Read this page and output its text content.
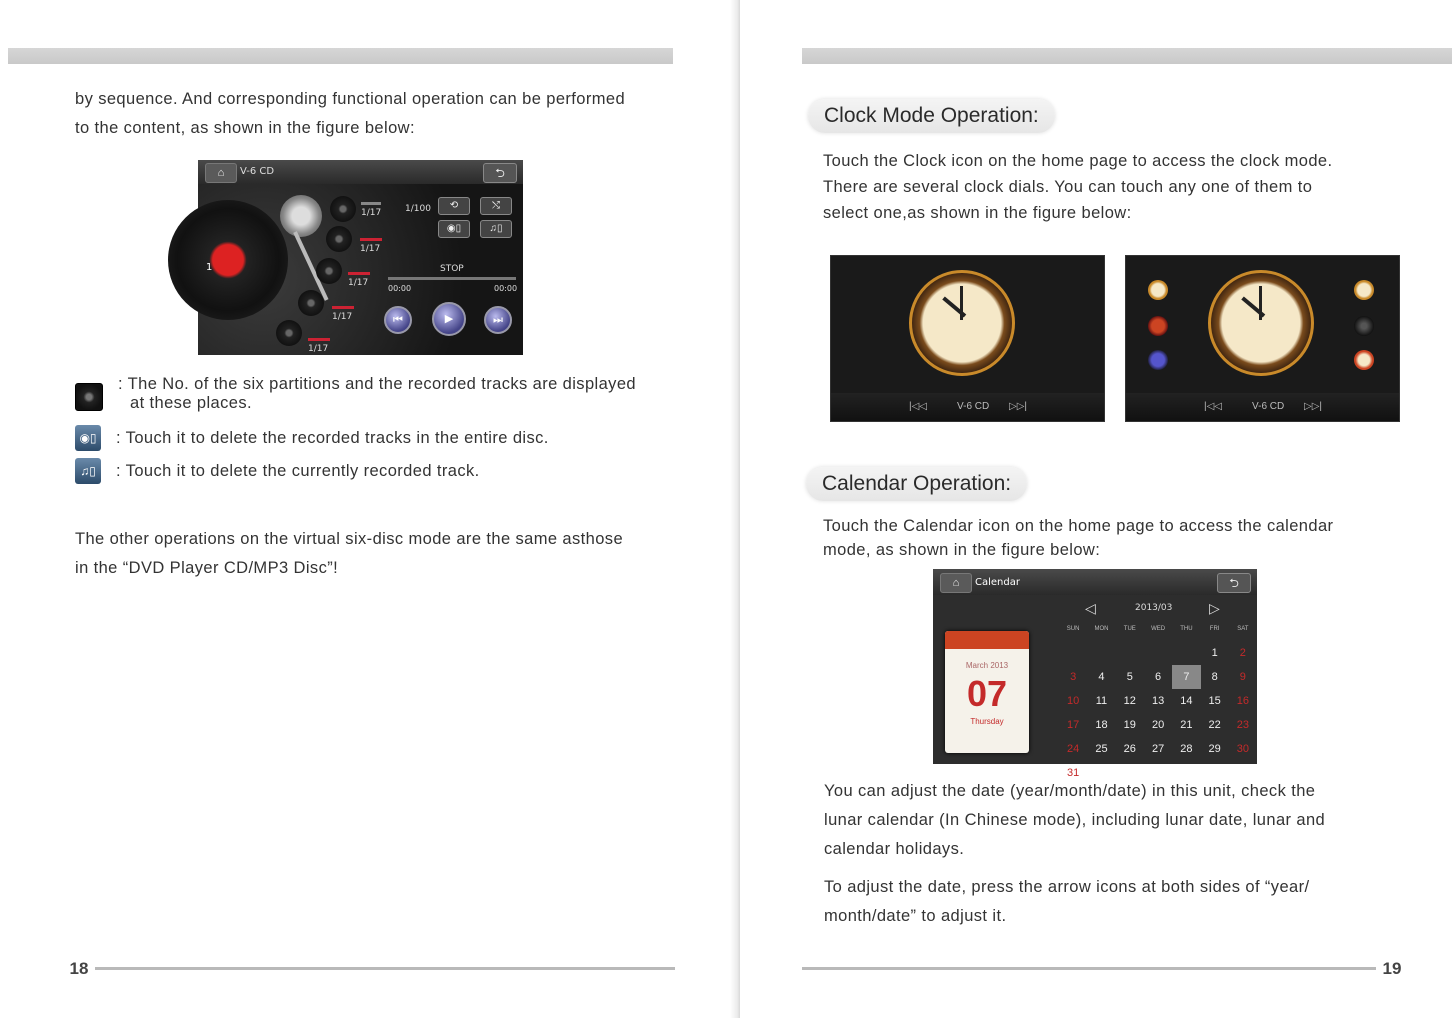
by sequence. And corresponding functional operation can be performed

to the content, as shown in the figure below:

⌂	V-6 CD	⮌
1
1/17
1/17
1/17
1/17
1/17
1/100	⟲	⤭
◉▯	♫▯
STOP
00:00	00:00
⏮	▶	⏭

: The No. of the six partitions and the recorded tracks are displayed

at these places.

◉▯ : Touch it to delete the recorded tracks in the entire disc.

♫▯	: Touch it to delete the currently recorded track.

The other operations on the virtual six-disc mode are the same asthose

in the “DVD Player CD/MP3 Disc”!

18
Clock Mode Operation:

Touch the Clock icon on the home page to access the clock mode.

There are several clock dials. You can touch any one of them to

select one,as shown in the figure below:

|◁◁	V-6 CD ▷▷|	|◁◁	V-6 CD ▷▷|
Calendar Operation:

Touch the Calendar icon on the home page to access the calendar

mode, as shown in the figure below:

You can adjust the date (year/month/date) in this unit, check the

lunar calendar (In Chinese mode), including lunar date, lunar and

calendar holidays.

To adjust the date, press the arrow icons at both sides of “year/

month/date” to adjust it.

19
⌂	Calendar	⮌
◁	2013/03	▷
March 2013
07
Thursday
SUN	MON	TUE	WED	THU	FRI	SAT
					1	2
3	4	5	6	7	8	9
10	11	12	13	14	15	16
17	18	19	20	21	22	23
24	25	26	27	28	29	30
31						
